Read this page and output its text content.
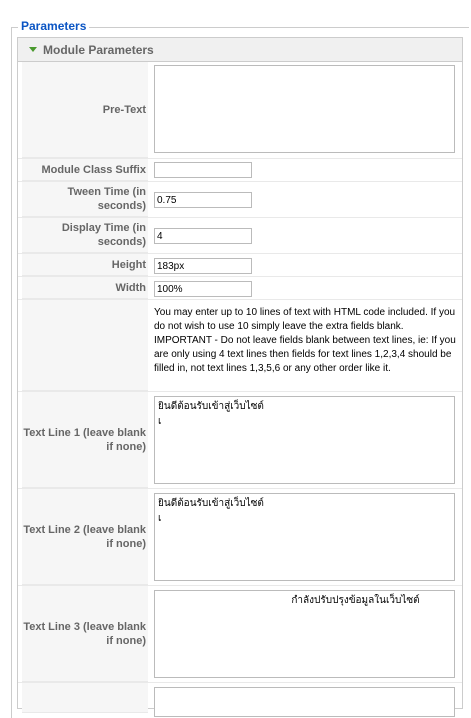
Parameters
Module Parameters
Pre-Text
Module Class Suffix
Tween Time (in seconds)
0.75
Display Time (in seconds)
4
Height
183px
Width
100%
You may enter up to 10 lines of text with HTML code included. If you do not wish to use 10 simply leave the extra fields blank. IMPORTANT - Do not leave fields blank between text lines, ie: If you are only using 4 text lines then fields for text lines 1,2,3,4 should be filled in, not text lines 1,3,5,6 or any other order like it.
Text Line 1 (leave blank if none)
ยินดีต้อนรับเข้าสู่เว็บไซต์
เ
Text Line 2 (leave blank if none)
ยินดีต้อนรับเข้าสู่เว็บไซต์
เ
Text Line 3 (leave blank if none)
กำลังปรับปรุงข้อมูลในเว็บไซต์
